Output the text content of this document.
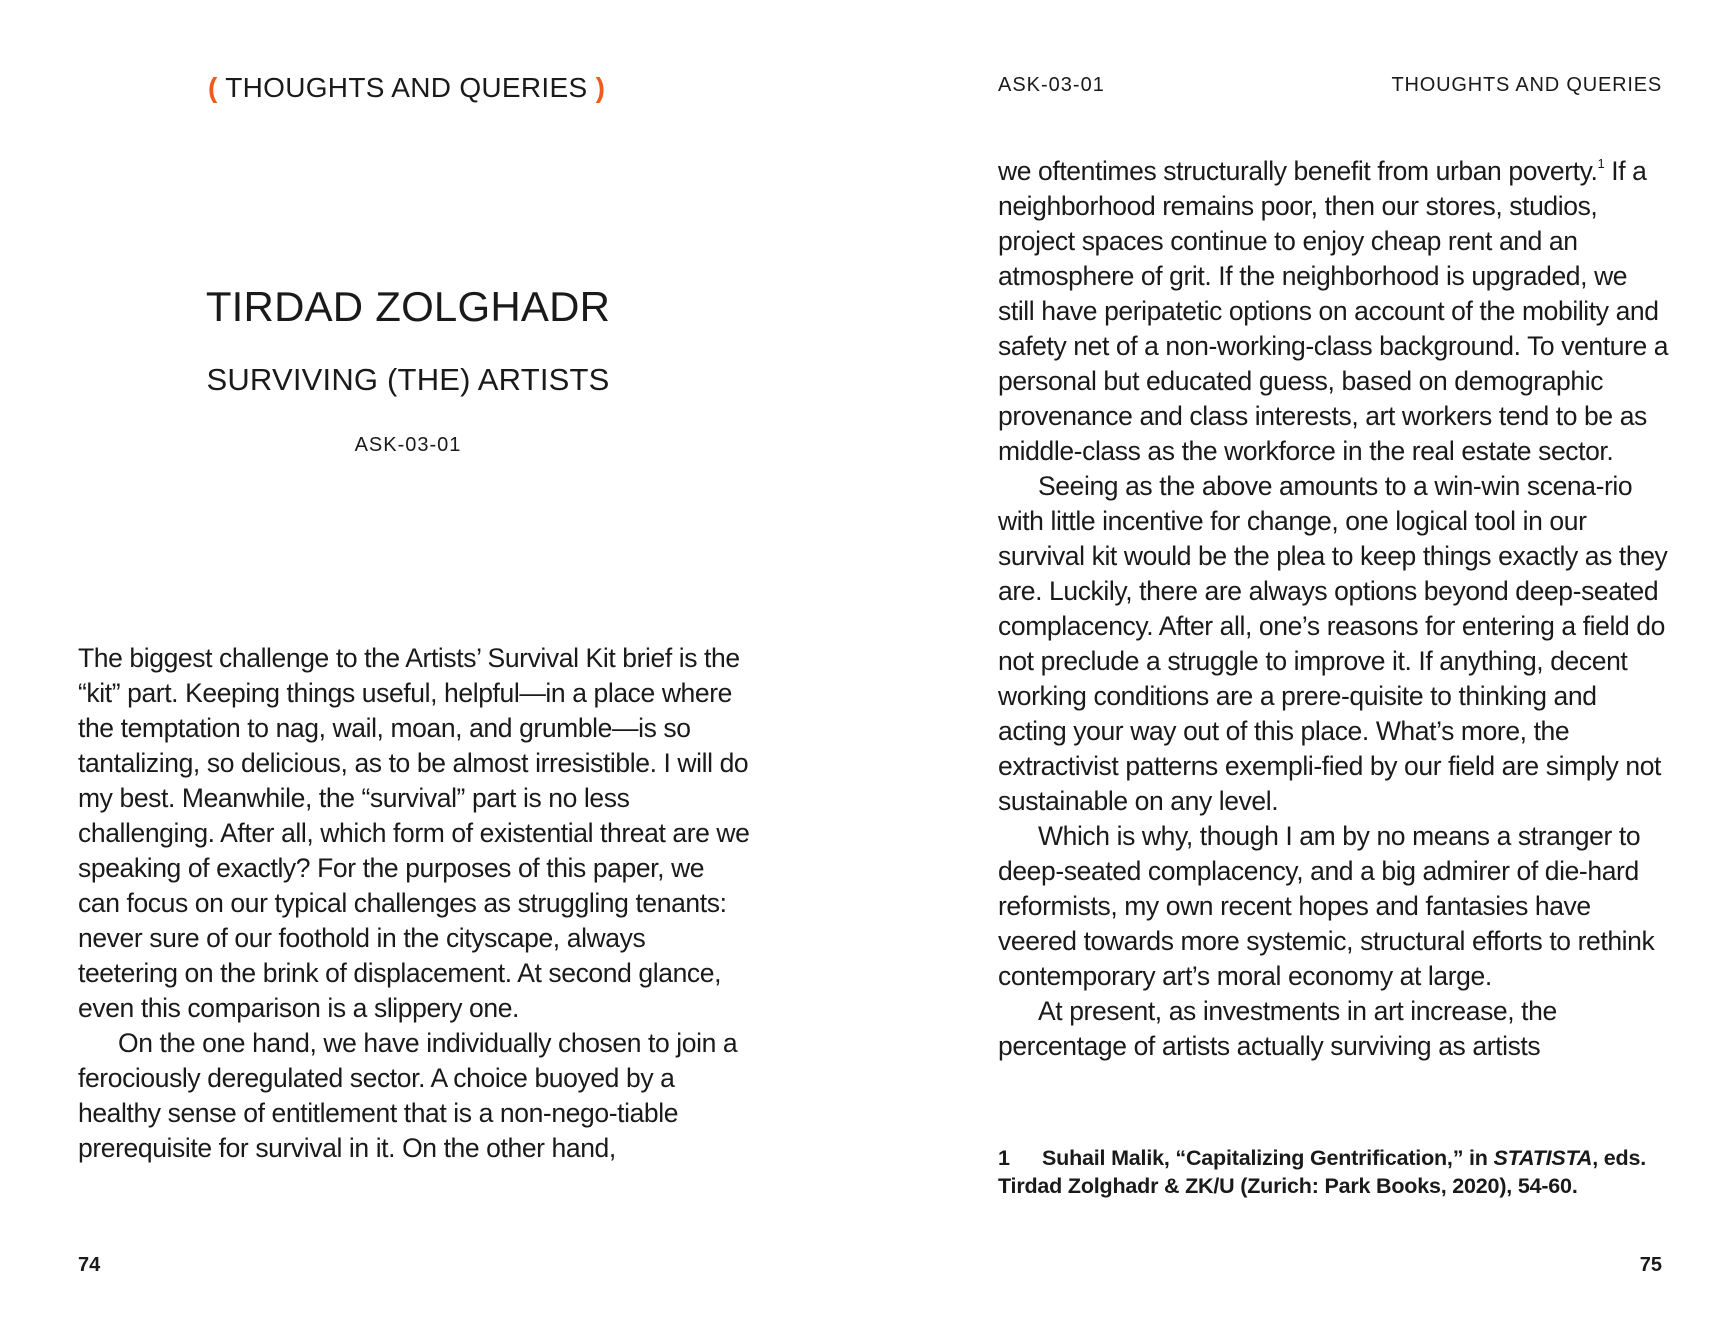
( THOUGHTS AND QUERIES )
TIRDAD ZOLGHADR
SURVIVING (THE) ARTISTS
ASK-03-01

The biggest challenge to the Artists’ Survival Kit brief is the “kit” part. Keeping things useful, helpful—in a place where the temptation to nag, wail, moan, and grumble—is so tantalizing, so delicious, as to be almost irresistible. I will do my best. Meanwhile, the “survival” part is no less challenging. After all, which form of existential threat are we speaking of exactly? For the purposes of this paper, we can focus on our typical challenges as struggling tenants: never sure of our foothold in the cityscape, always teetering on the brink of displacement. At second glance, even this comparison is a slippery one.

On the one hand, we have individually chosen to join a ferociously deregulated sector. A choice buoyed by a healthy sense of entitlement that is a non-nego-tiable prerequisite for survival in it. On the other hand,

74
ASK-03-01	THOUGHTS AND QUERIES

we oftentimes structurally benefit from urban poverty.$^1$ If a neighborhood remains poor, then our stores, studios, project spaces continue to enjoy cheap rent and an atmosphere of grit. If the neighborhood is upgraded, we still have peripatetic options on account of the mobility and safety net of a non-working-class background. To venture a personal but educated guess, based on demographic provenance and class interests, art workers tend to be as middle-class as the workforce in the real estate sector.

Seeing as the above amounts to a win-win scena-rio with little incentive for change, one logical tool in our survival kit would be the plea to keep things exactly as they are. Luckily, there are always options beyond deep-seated complacency. After all, one’s reasons for entering a field do not preclude a struggle to improve it. If anything, decent working conditions are a prere-quisite to thinking and acting your way out of this place. What’s more, the extractivist patterns exempli-fied by our field are simply not sustainable on any level.

Which is why, though I am by no means a stranger to deep-seated complacency, and a big admirer of die-hard reformists, my own recent hopes and fantasies have veered towards more systemic, structural efforts to rethink contemporary art’s moral economy at large.

At present, as investments in art increase, the percentage of artists actually surviving as artists

1 Suhail Malik, “Capitalizing Gentrification,” in STATISTA, eds. Tirdad Zolghadr & ZK/U (Zurich: Park Books, 2020), 54-60.
75
